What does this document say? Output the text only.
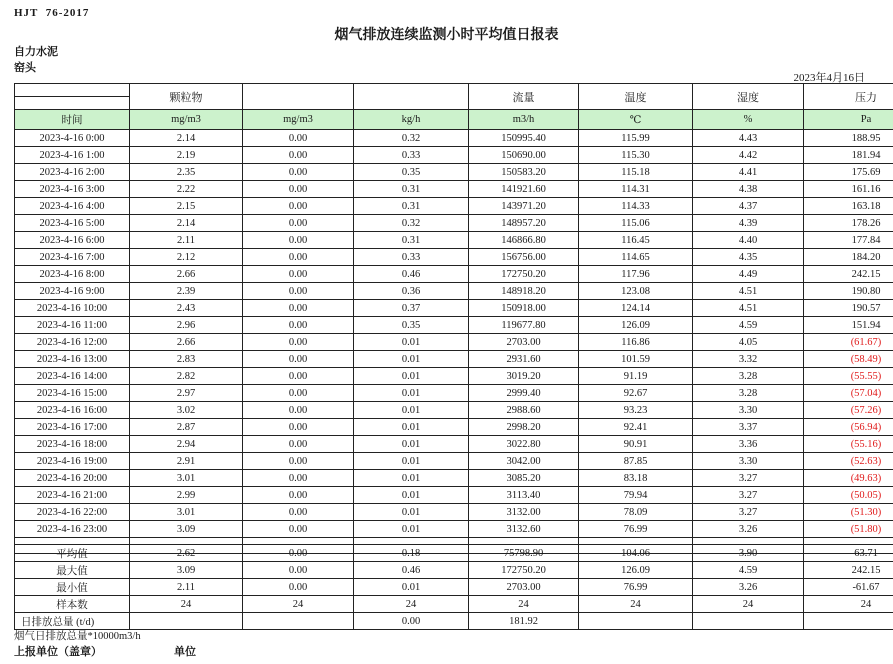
HJT  76-2017
烟气排放连续监测小时平均值日报表
自力水泥
窑头
2023年4月16日
	颗粒物			流量	温度	湿度	压力

时间	mg/m3	mg/m3	kg/h	m3/h	℃	%	Pa
2023-4-16 0:00	2.14	0.00	0.32	150995.40	115.99	4.43	188.95
2023-4-16 1:00	2.19	0.00	0.33	150690.00	115.30	4.42	181.94
2023-4-16 2:00	2.35	0.00	0.35	150583.20	115.18	4.41	175.69
2023-4-16 3:00	2.22	0.00	0.31	141921.60	114.31	4.38	161.16
2023-4-16 4:00	2.15	0.00	0.31	143971.20	114.33	4.37	163.18
2023-4-16 5:00	2.14	0.00	0.32	148957.20	115.06	4.39	178.26
2023-4-16 6:00	2.11	0.00	0.31	146866.80	116.45	4.40	177.84
2023-4-16 7:00	2.12	0.00	0.33	156756.00	114.65	4.35	184.20
2023-4-16 8:00	2.66	0.00	0.46	172750.20	117.96	4.49	242.15
2023-4-16 9:00	2.39	0.00	0.36	148918.20	123.08	4.51	190.80
2023-4-16 10:00	2.43	0.00	0.37	150918.00	124.14	4.51	190.57
2023-4-16 11:00	2.96	0.00	0.35	119677.80	126.09	4.59	151.94
2023-4-16 12:00	2.66	0.00	0.01	2703.00	116.86	4.05	(61.67)
2023-4-16 13:00	2.83	0.00	0.01	2931.60	101.59	3.32	(58.49)
2023-4-16 14:00	2.82	0.00	0.01	3019.20	91.19	3.28	(55.55)
2023-4-16 15:00	2.97	0.00	0.01	2999.40	92.67	3.28	(57.04)
2023-4-16 16:00	3.02	0.00	0.01	2988.60	93.23	3.30	(57.26)
2023-4-16 17:00	2.87	0.00	0.01	2998.20	92.41	3.37	(56.94)
2023-4-16 18:00	2.94	0.00	0.01	3022.80	90.91	3.36	(55.16)
2023-4-16 19:00	2.91	0.00	0.01	3042.00	87.85	3.30	(52.63)
2023-4-16 20:00	3.01	0.00	0.01	3085.20	83.18	3.27	(49.63)
2023-4-16 21:00	2.99	0.00	0.01	3113.40	79.94	3.27	(50.05)
2023-4-16 22:00	3.01	0.00	0.01	3132.00	78.09	3.27	(51.30)
2023-4-16 23:00	3.09	0.00	0.01	3132.60	76.99	3.26	(51.80)

平均值	2.62	0.00	0.18	75798.90	104.06	3.90	63.71
最大值	3.09	0.00	0.46	172750.20	126.09	4.59	242.15
最小值	2.11	0.00	0.01	2703.00	76.99	3.26	-61.67
样本数	24	24	24	24	24	24	24
日排放总量 (t/d)			0.00	181.92			
烟气日排放总量*10000m3/h
上报单位（盖章）	单位
